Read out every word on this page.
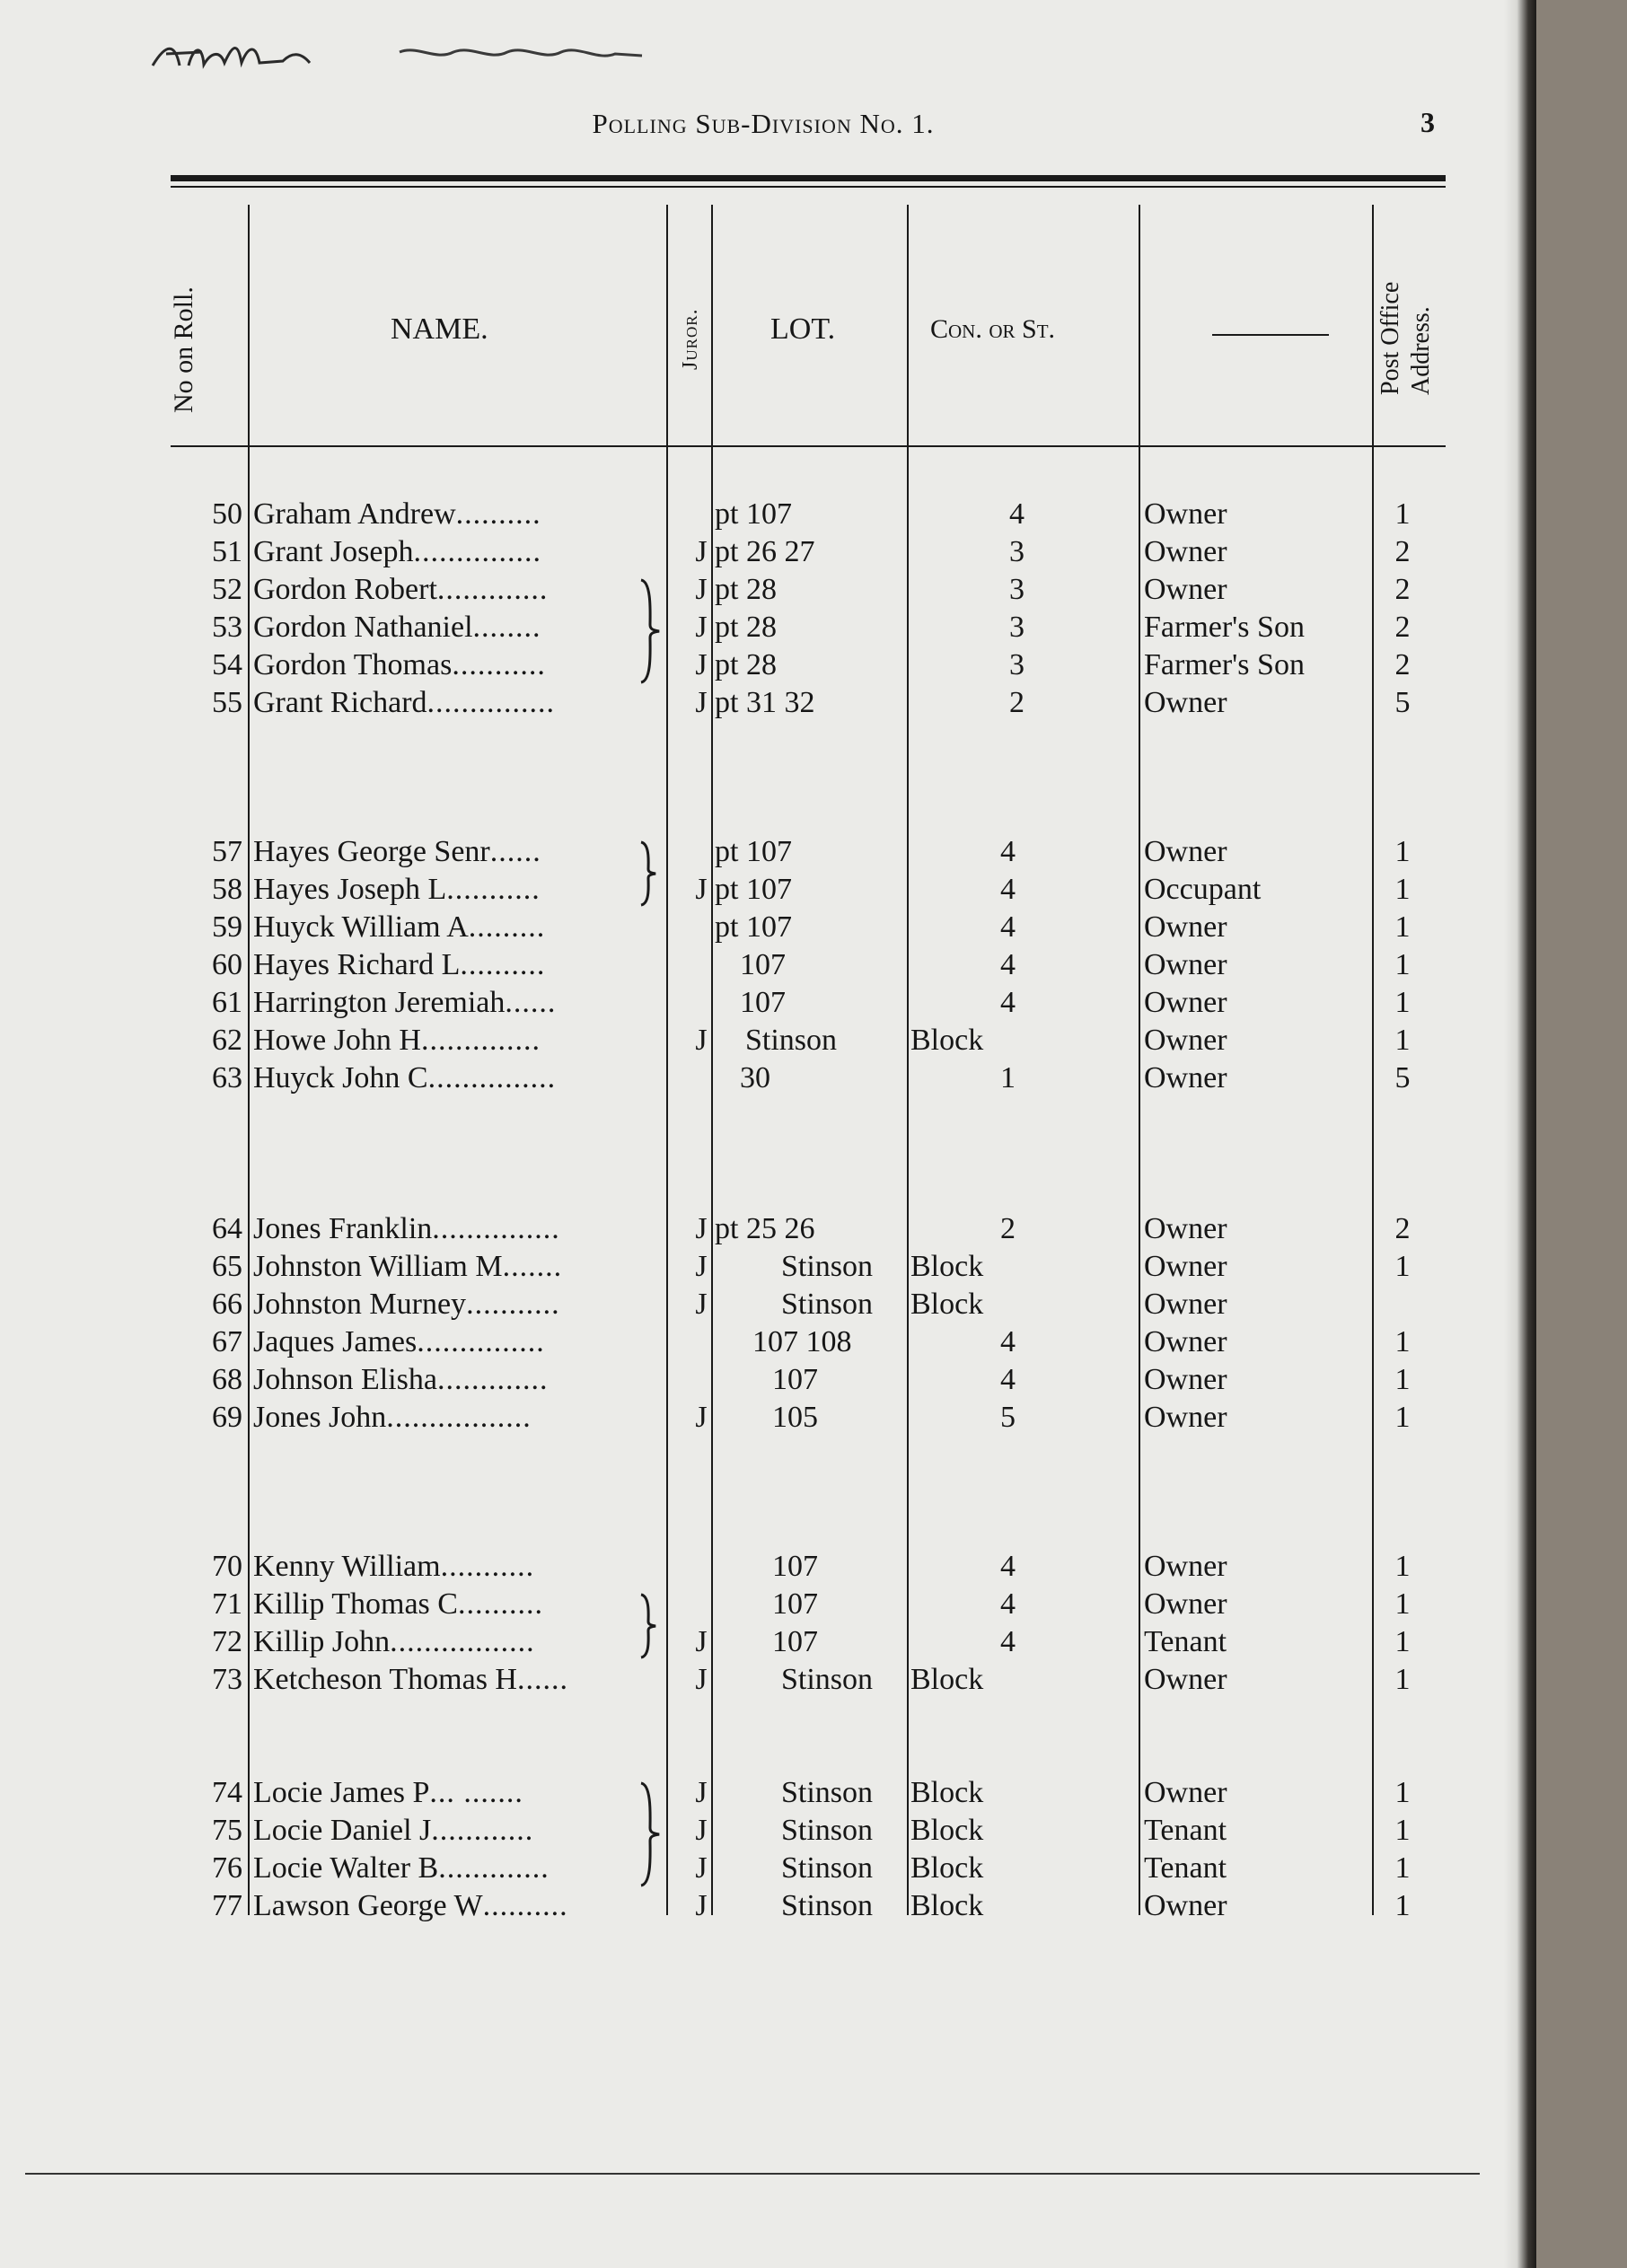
Polling Sub-Division No. 1.	3
No on Roll.	NAME.	Juror. LOT.	Con. or St.	Post Office Address.
50 Graham Andrew..........	pt 107	4	Owner	1
51 Grant Joseph...............	J pt 26 27	3	Owner	2
52 Gordon Robert.............	J pt 28	3	Owner	2
53 Gordon Nathaniel........	J pt 28	3	Farmer's Son	2
54 Gordon Thomas...........	J pt 28	3	Farmer's Son	2
55 Grant Richard...............	J pt 31 32	2	Owner	5
57 Hayes George Senr......	pt 107	4	Owner	1
58 Hayes Joseph L...........	J pt 107	4	Occupant	1
59 Huyck William A.........	pt 107	4	Owner	1
60 Hayes Richard L..........	107	4	Owner	1
61 Harrington Jeremiah......	107	4	Owner	1
62 Howe John H..............	J	Stinson	Block	Owner	1
63 Huyck John C...............	30	1	Owner	5
64 Jones Franklin...............	J pt 25 26	2	Owner	2
65 Johnston William M.......	J	Stinson	Block	Owner	1
66 Johnston Murney...........	J	Stinson	Block	Owner
67 Jaques James...............	107 108	4	Owner	1
68 Johnson Elisha.............	107	4	Owner	1
69 Jones John.................	J	105	5	Owner	1
70 Kenny William...........	107	4	Owner	1
71 Killip Thomas C..........	107	4	Owner	1
72 Killip John.................	J	107	4	Tenant	1
73 Ketcheson Thomas H......	J	Stinson	Block	Owner	1
74 Locie James P... .......	J	Stinson	Block	Owner	1
75 Locie Daniel J............	J	Stinson	Block	Tenant	1
76 Locie Walter B.............	J	Stinson	Block	Tenant	1
77 Lawson George W..........	J	Stinson	Block	Owner	1
